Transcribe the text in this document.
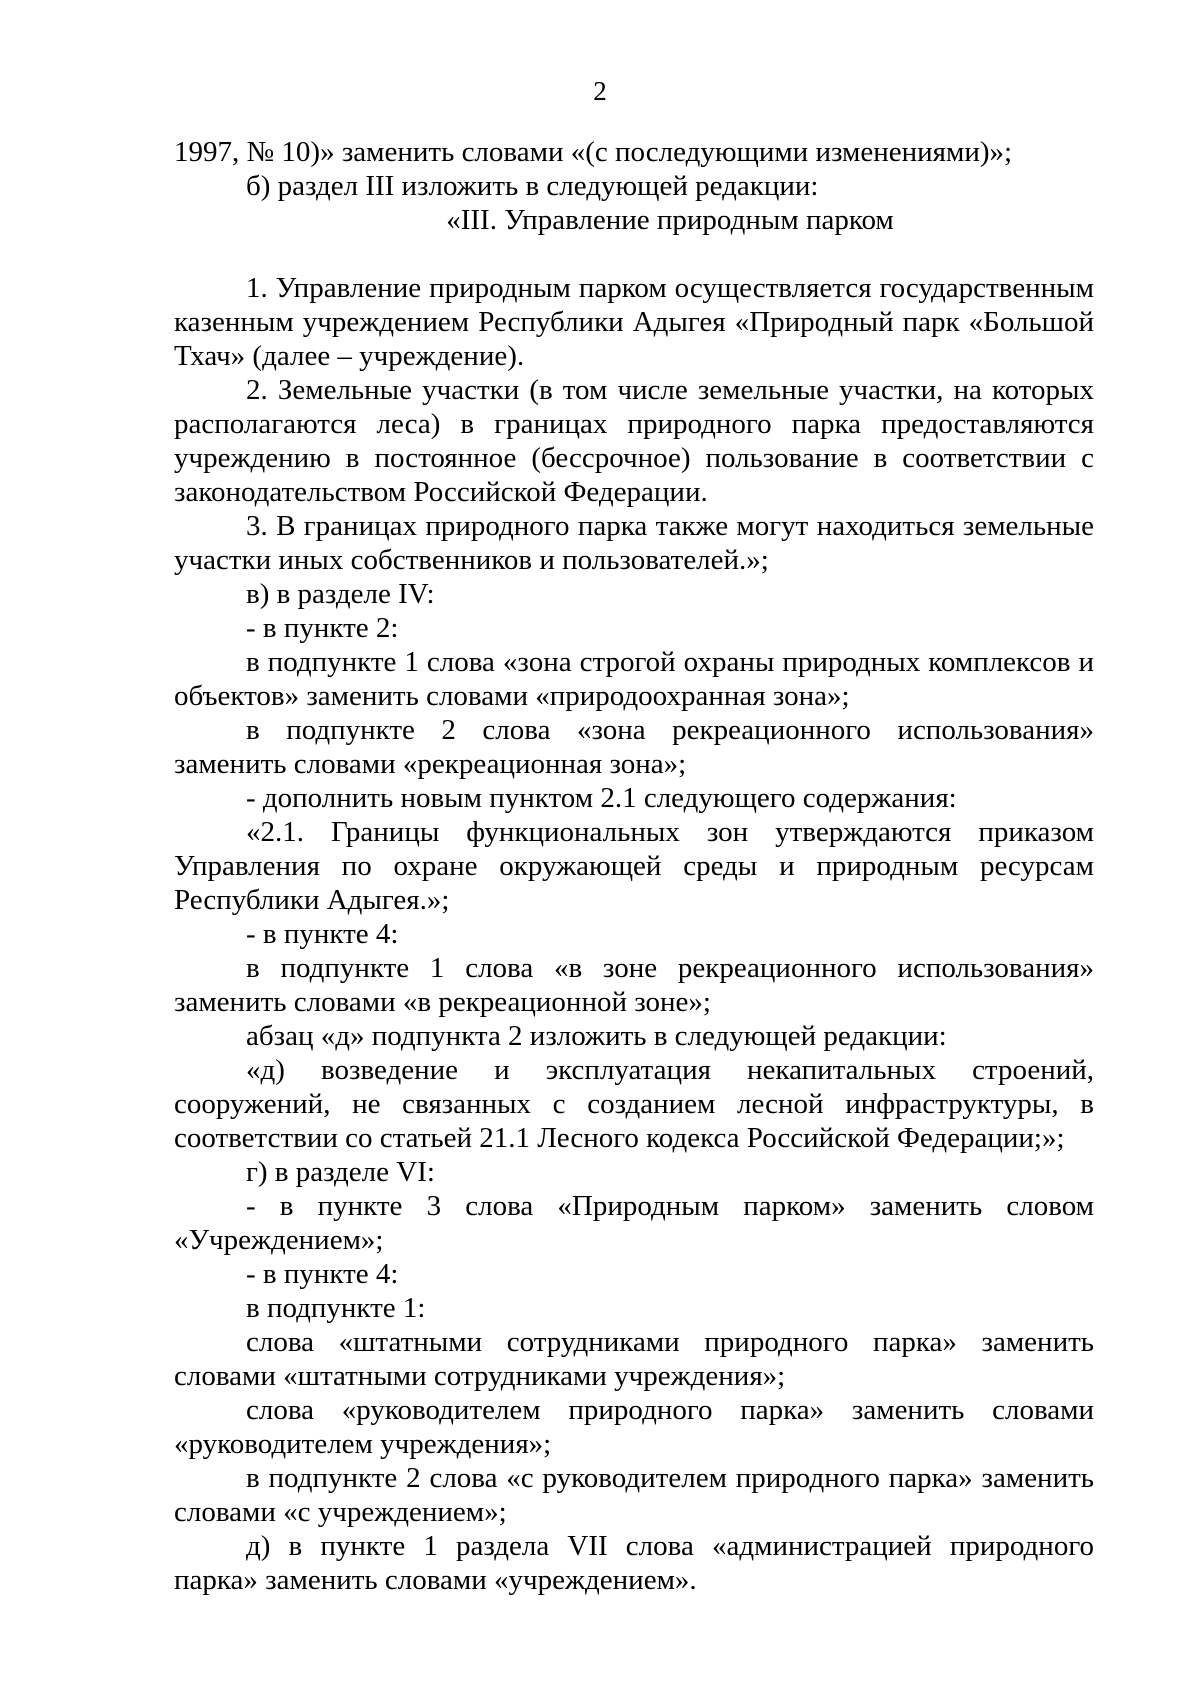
2

1997, № 10)» заменить словами «(с последующими изменениями)»;

б) раздел III изложить в следующей редакции:

«III. Управление природным парком

1. Управление природным парком осуществляется государственным казенным учреждением Республики Адыгея «Природный парк «Большой Тхач» (далее – учреждение).

2. Земельные участки (в том числе земельные участки, на которых располагаются леса) в границах природного парка предоставляются учреждению в постоянное (бессрочное) пользование в соответствии с законодательством Российской Федерации.

3. В границах природного парка также могут находиться земельные участки иных собственников и пользователей.»;

в) в разделе IV:

- в пункте 2:

в подпункте 1 слова «зона строгой охраны природных комплексов и объектов» заменить словами «природоохранная зона»;

в подпункте 2 слова «зона рекреационного использования» заменить словами «рекреационная зона»;

- дополнить новым пунктом 2.1 следующего содержания:

«2.1. Границы функциональных зон утверждаются приказом Управления по охране окружающей среды и природным ресурсам Республики Адыгея.»;

- в пункте 4:

в подпункте 1 слова «в зоне рекреационного использования» заменить словами «в рекреационной зоне»;

абзац «д» подпункта 2 изложить в следующей редакции:

«д) возведение и эксплуатация некапитальных строений, сооружений, не связанных с созданием лесной инфраструктуры, в соответствии со статьей 21.1 Лесного кодекса Российской Федерации;»;

г) в разделе VI:

- в пункте 3 слова «Природным парком» заменить словом «Учреждением»;

- в пункте 4:

в подпункте 1:

слова «штатными сотрудниками природного парка» заменить словами «штатными сотрудниками учреждения»;

слова «руководителем природного парка» заменить словами «руководителем учреждения»;

в подпункте 2 слова «с руководителем природного парка» заменить словами «с учреждением»;

д) в пункте 1 раздела VII слова «администрацией природного парка» заменить словами «учреждением».
